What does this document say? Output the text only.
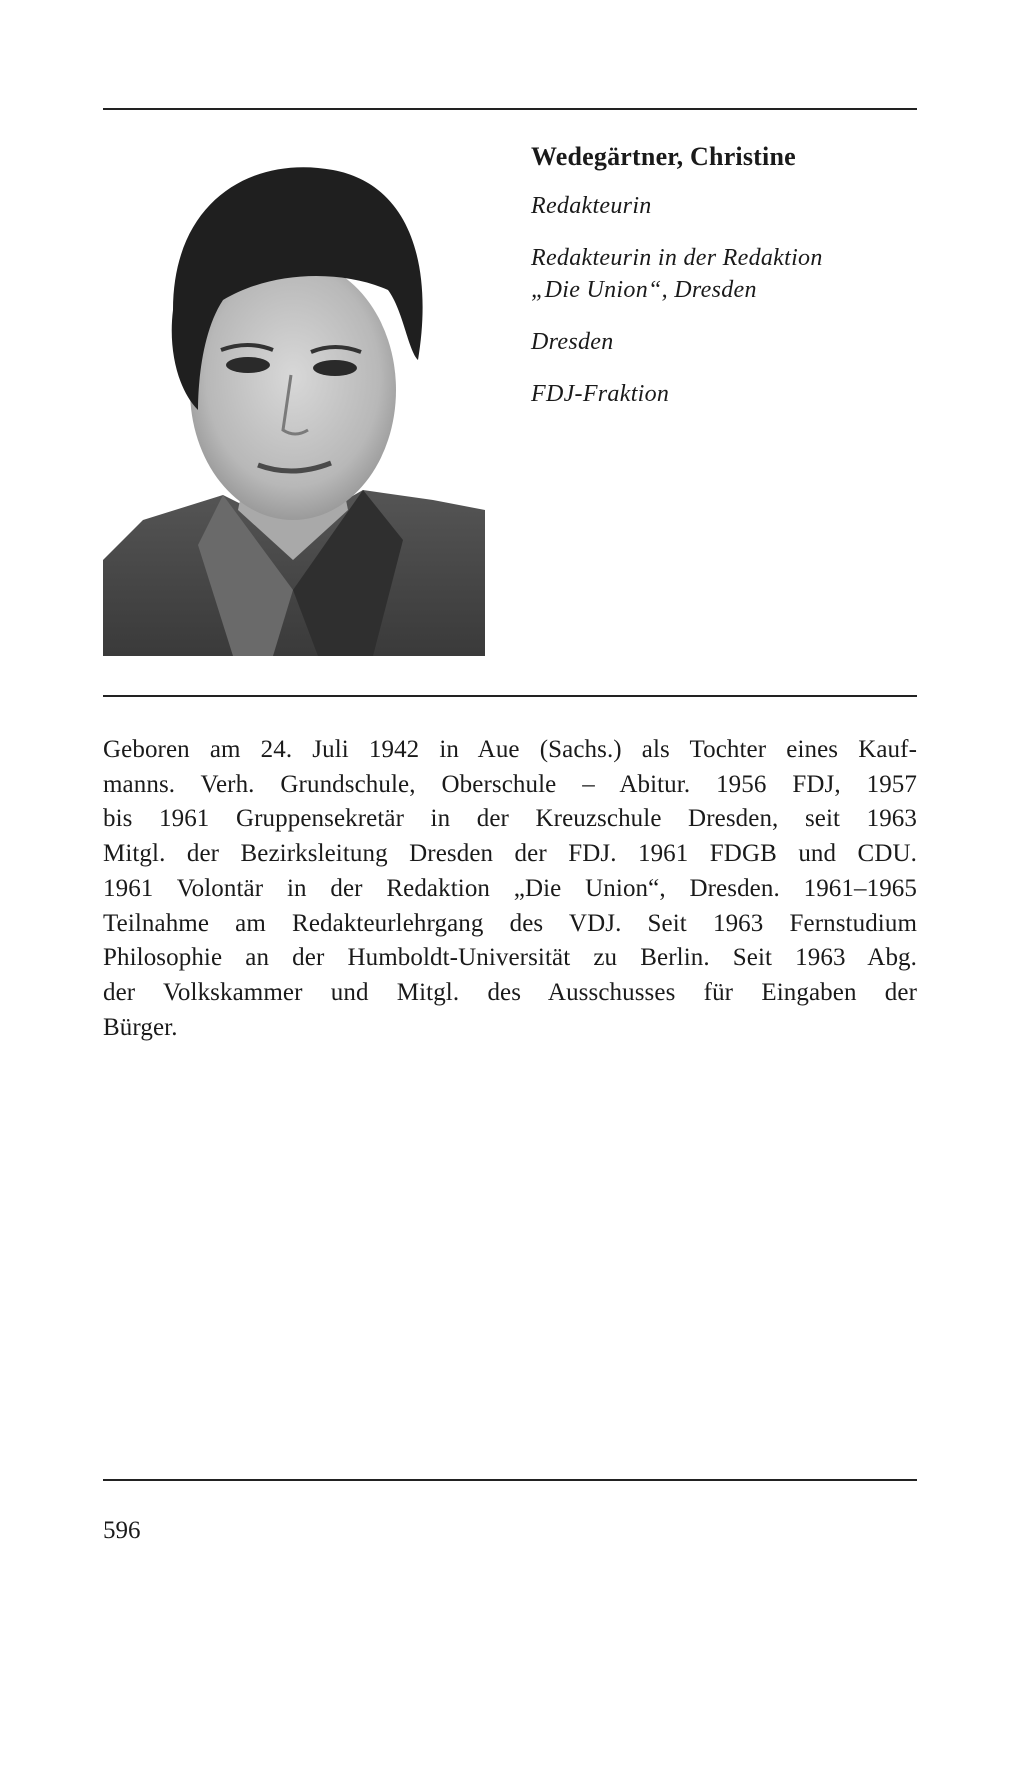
Wedegärtner, Christine
Redakteurin
Redakteurin in der Redaktion
„Die Union“, Dresden
Dresden
FDJ-Fraktion
Geboren am 24. Juli 1942 in Aue (Sachs.) als Tochter eines Kauf-
manns. Verh. Grundschule, Oberschule – Abitur. 1956 FDJ, 1957
bis 1961 Gruppensekretär in der Kreuzschule Dresden, seit 1963
Mitgl. der Bezirksleitung Dresden der FDJ. 1961 FDGB und CDU.
1961 Volontär in der Redaktion „Die Union“, Dresden. 1961–1965
Teilnahme am Redakteurlehrgang des VDJ. Seit 1963 Fernstudium
Philosophie an der Humboldt-Universität zu Berlin. Seit 1963 Abg.
der Volkskammer und Mitgl. des Ausschusses für Eingaben der
Bürger.
596
